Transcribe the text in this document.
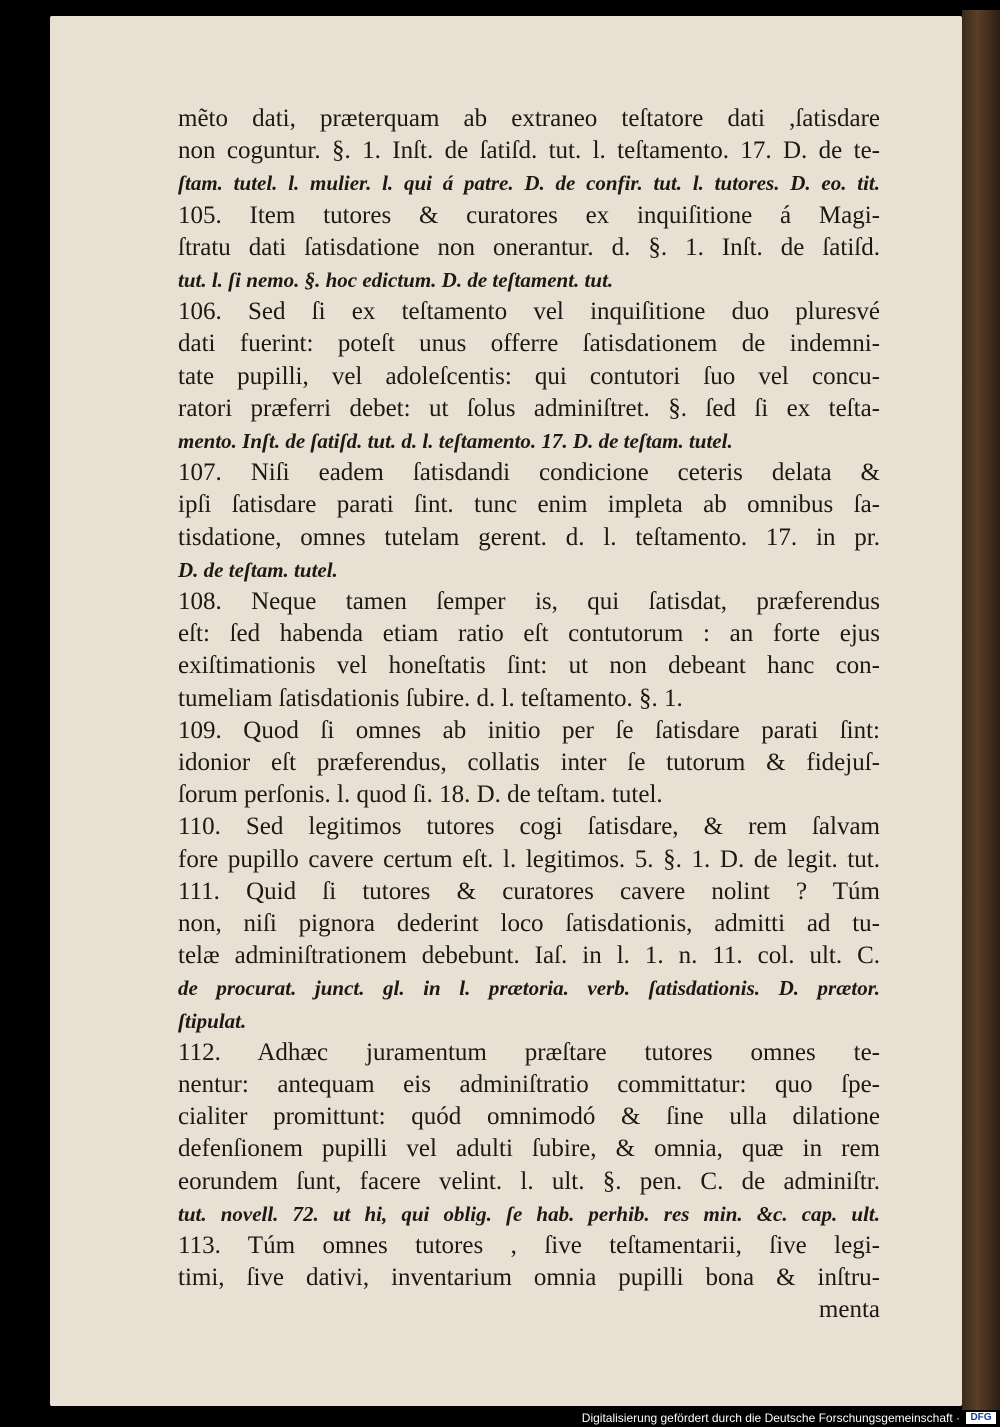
mẽto dati, præterquam ab extraneo teſtatore dati ,ſatisdare
non coguntur. §. 1. Inſt. de ſatiſd. tut. l. teſtamento. 17. D. de te-
ſtam. tutel. l. mulier. l. qui á patre. D. de confir. tut. l. tutores. D. eo. tit.
105. Item tutores & curatores ex inquiſitione á Magi-
ſtratu dati ſatisdatione non onerantur. d. §. 1. Inſt. de ſatiſd.
tut. l. ſi nemo. §. hoc edictum. D. de teſtament. tut.
106. Sed ſi ex teſtamento vel inquiſitione duo pluresvé
dati fuerint: poteſt unus offerre ſatisdationem de indemni-
tate pupilli, vel adoleſcentis: qui contutori ſuo vel concu-
ratori præferri debet: ut ſolus adminiſtret. §. ſed ſi ex teſta-
mento. Inſt. de ſatiſd. tut. d. l. teſtamento. 17. D. de teſtam. tutel.
107. Niſi eadem ſatisdandi condicione ceteris delata &
ipſi ſatisdare parati ſint. tunc enim impleta ab omnibus ſa-
tisdatione, omnes tutelam gerent. d. l. teſtamento. 17. in pr.
D. de teſtam. tutel.
108. Neque tamen ſemper is, qui ſatisdat, præferendus
eſt: ſed habenda etiam ratio eſt contutorum : an forte ejus
exiſtimationis vel honeſtatis ſint: ut non debeant hanc con-
tumeliam ſatisdationis ſubire. d. l. teſtamento. §. 1.
109. Quod ſi omnes ab initio per ſe ſatisdare parati ſint:
idonior eſt præferendus, collatis inter ſe tutorum & fidejuſ-
ſorum perſonis. l. quod ſi. 18. D. de teſtam. tutel.
110. Sed legitimos tutores cogi ſatisdare, & rem ſalvam
fore pupillo cavere certum eſt. l. legitimos. 5. §. 1. D. de legit. tut.
111. Quid ſi tutores & curatores cavere nolint ? Túm
non, niſi pignora dederint loco ſatisdationis, admitti ad tu-
telæ adminiſtrationem debebunt. Iaſ. in l. 1. n. 11. col. ult. C.
de procurat. junct. gl. in l. prætoria. verb. ſatisdationis. D. prætor.
ſtipulat.
112. Adhæc juramentum præſtare tutores omnes te-
nentur: antequam eis adminiſtratio committatur: quo ſpe-
cialiter promittunt: quód omnimodó & ſine ulla dilatione
defenſionem pupilli vel adulti ſubire, & omnia, quæ in rem
eorundem ſunt, facere velint. l. ult. §. pen. C. de adminiſtr.
tut. novell. 72. ut hi, qui oblig. ſe hab. perhib. res min. &c. cap. ult.
113. Túm omnes tutores , ſive teſtamentarii, ſive legi-
timi, ſive dativi, inventarium omnia pupilli bona & inſtru-
menta
Digitalisierung gefördert durch die Deutsche Forschungsgemeinschaft ·	DFG
